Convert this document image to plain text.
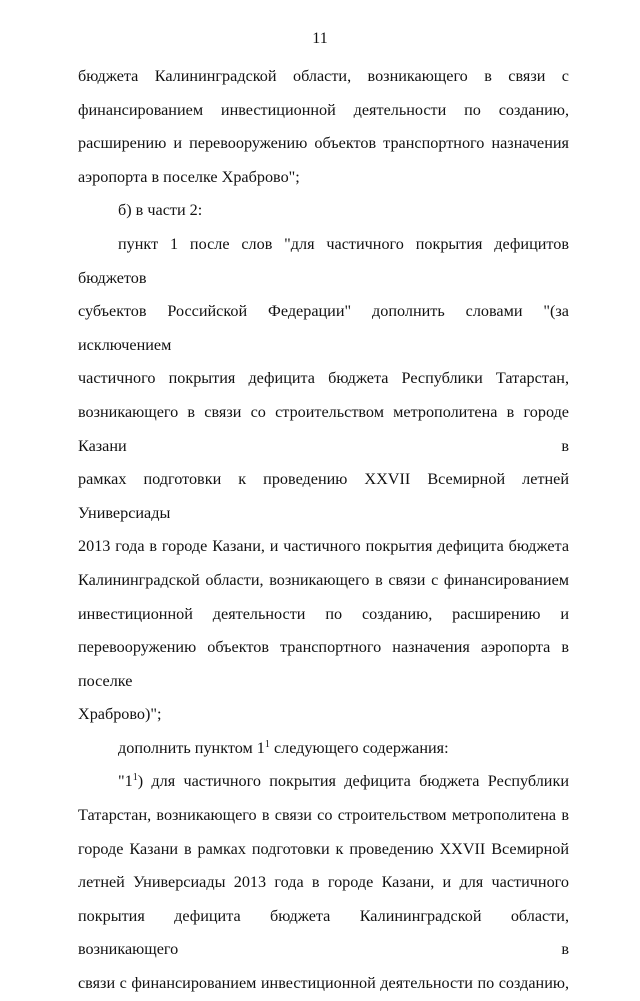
11

бюджета Калининградской области, возникающего в связи с

финансированием инвестиционной деятельности по созданию,

расширению и перевооружению объектов транспортного назначения

аэропорта в поселке Храброво";

б) в части 2:

пункт 1 после слов "для частичного покрытия дефицитов бюджетов

субъектов Российской Федерации" дополнить словами "(за исключением

частичного покрытия дефицита бюджета Республики Татарстан,

возникающего в связи со строительством метрополитена в городе Казани в

рамках подготовки к проведению XXVII Всемирной летней Универсиады

2013 года в городе Казани, и частичного покрытия дефицита бюджета

Калининградской области, возникающего в связи с финансированием

инвестиционной деятельности по созданию, расширению и

перевооружению объектов транспортного назначения аэропорта в поселке

Храброво)";

дополнить пунктом $1^1$ следующего содержания:

"$1^1$) для частичного покрытия дефицита бюджета Республики

Татарстан, возникающего в связи со строительством метрополитена в

городе Казани в рамках подготовки к проведению XXVII Всемирной

летней Универсиады 2013 года в городе Казани, и для частичного

покрытия дефицита бюджета Калининградской области, возникающего в

связи с финансированием инвестиционной деятельности по созданию,
